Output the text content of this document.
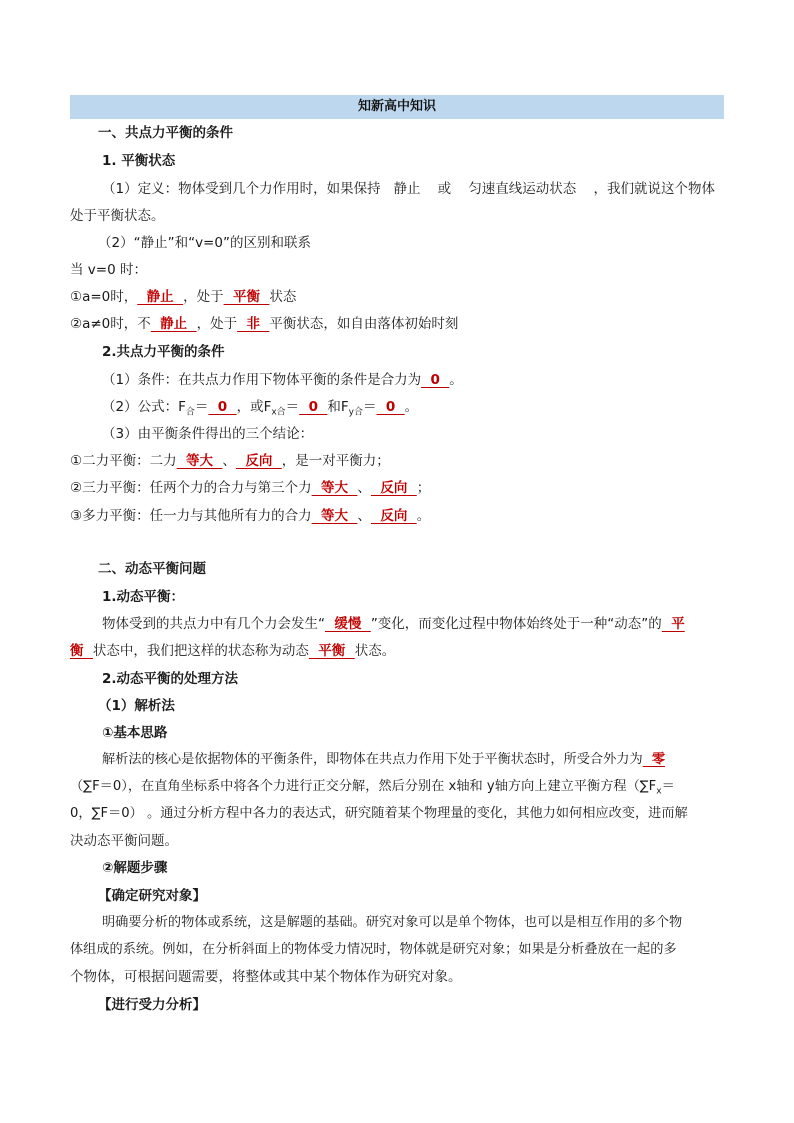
知新高中知识
一、共点力平衡的条件
1. 平衡状态
（1）定义：物体受到几个力作用时，如果保持 静止 或 匀速直线运动状态 ，我们就说这个物体
处于平衡状态。
（2）“静止”和“v=0”的区别和联系
当 v=0 时：
①a=0时，  静止  ，处于  平衡  状态
②a≠0时，不  静止  ，处于  非  平衡状态，如自由落体初始时刻
2.共点力平衡的条件
（1）条件：在共点力作用下物体平衡的条件是合力为  0  。
（2）公式：$F_合= 0$  ，或$F_{x合}= 0$  和$F_{y合}= 0$  。
（3）由平衡条件得出的三个结论：
①二力平衡：二力  等大  、  反向  ，是一对平衡力；
②三力平衡：任两个力的合力与第三个力  等大  、  反向  ；
③多力平衡：任一力与其他所有力的合力  等大  、  反向  。
二、动态平衡问题
1.动态平衡：
物体受到的共点力中有几个力会发生“  缓慢  ”变化，而变化过程中物体始终处于一种“动态”的  平
衡  状态中，我们把这样的状态称为动态  平衡  状态。
2.动态平衡的处理方法
（1）解析法
①基本思路
解析法的核心是依据物体的平衡条件，即物体在共点力作用下处于平衡状态时，所受合外力为  零
（∑F＝0），在直角坐标系中将各个力进行正交分解，然后分别在 x轴和 y轴方向上建立平衡方程（$\sum F_x=$
0，∑F＝0） 。通过分析方程中各力的表达式，研究随着某个物理量的变化，其他力如何相应改变，进而解
决动态平衡问题。
②解题步骤
【确定研究对象】
明确要分析的物体或系统，这是解题的基础。研究对象可以是单个物体，也可以是相互作用的多个物
体组成的系统。例如，在分析斜面上的物体受力情况时，物体就是研究对象；如果是分析叠放在一起的多
个物体，可根据问题需要，将整体或其中某个物体作为研究对象。
【进行受力分析】
